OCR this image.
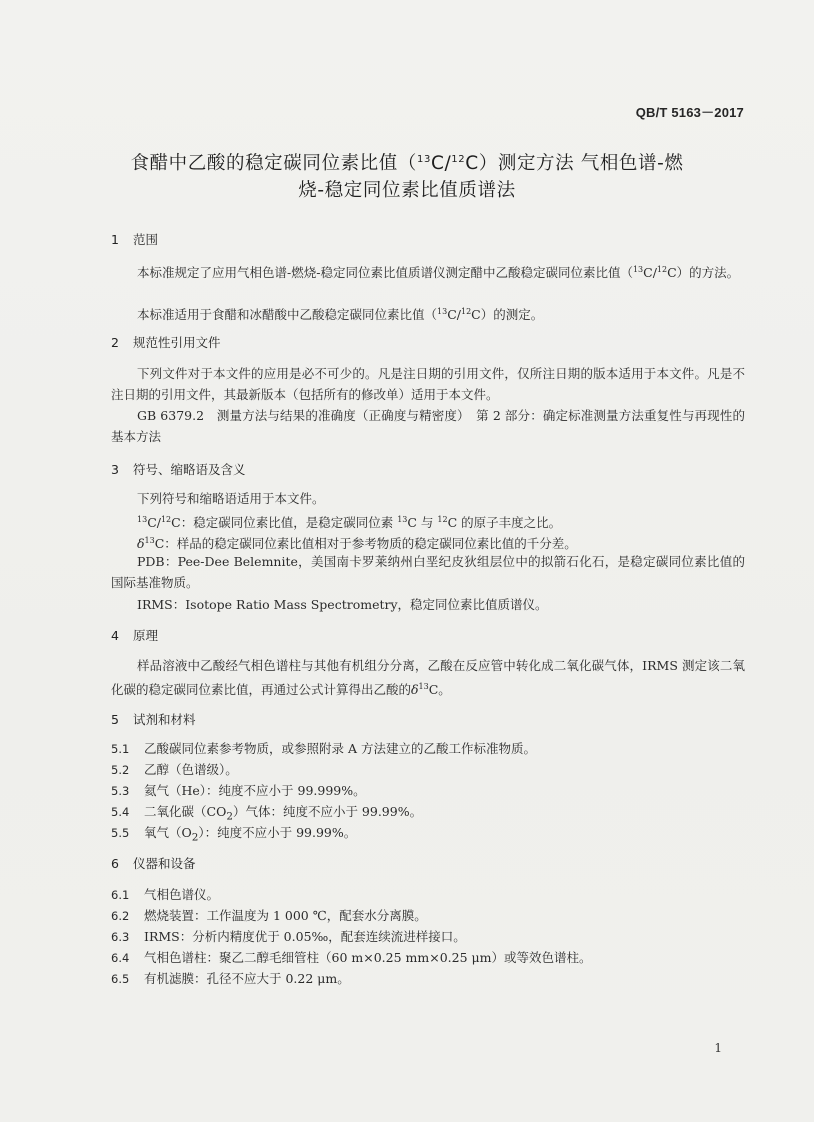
QB/T 5163－2017
食醋中乙酸的稳定碳同位素比值（$^{13}$C/$^{12}$C）测定方法 气相色谱-燃
烧-稳定同位素比值质谱法
1 范围
本标准规定了应用气相色谱-燃烧-稳定同位素比值质谱仪测定醋中乙酸稳定碳同位素比值（$^{13}$C/$^{12}$C）的方法。
本标准适用于食醋和冰醋酸中乙酸稳定碳同位素比值（$^{13}$C/$^{12}$C）的测定。
2 规范性引用文件
下列文件对于本文件的应用是必不可少的。凡是注日期的引用文件，仅所注日期的版本适用于本文件。凡是不注日期的引用文件，其最新版本（包括所有的修改单）适用于本文件。
GB 6379.2　测量方法与结果的准确度（正确度与精密度）　第 2 部分：确定标准测量方法重复性与再现性的基本方法
3 符号、缩略语及含义
下列符号和缩略语适用于本文件。
$^{13}$C/$^{12}$C：稳定碳同位素比值，是稳定碳同位素 $^{13}$C 与 $^{12}$C 的原子丰度之比。
$\delta^{13}C$：样品的稳定碳同位素比值相对于参考物质的稳定碳同位素比值的千分差。
PDB：Pee-Dee Belemnite，美国南卡罗莱纳州白垩纪皮狄组层位中的拟箭石化石，是稳定碳同位素比值的国际基准物质。
IRMS：Isotope Ratio Mass Spectrometry，稳定同位素比值质谱仪。
4 原理
样品溶液中乙酸经气相色谱柱与其他有机组分分离，乙酸在反应管中转化成二氧化碳气体，IRMS 测定该二氧化碳的稳定碳同位素比值，再通过公式计算得出乙酸的$\delta^{13}C$。
5 试剂和材料
5.1 乙酸碳同位素参考物质，或参照附录 A 方法建立的乙酸工作标准物质。
5.2 乙醇（色谱级）。
5.3 氦气（He）：纯度不应小于 99.999%。
5.4 二氧化碳$(CO_2)$气体：纯度不应小于 99.99%。
5.5 氧气$(O_2)$：纯度不应小于 99.99%。
6 仪器和设备
6.1 气相色谱仪。
6.2 燃烧装置：工作温度为 1 000 ℃，配套水分离膜。
6.3 IRMS：分析内精度优于 0.05‰，配套连续流进样接口。
6.4 气相色谱柱：聚乙二醇毛细管柱（60 m×0.25 mm×0.25 μm）或等效色谱柱。
6.5 有机滤膜：孔径不应大于 0.22 μm。
1
